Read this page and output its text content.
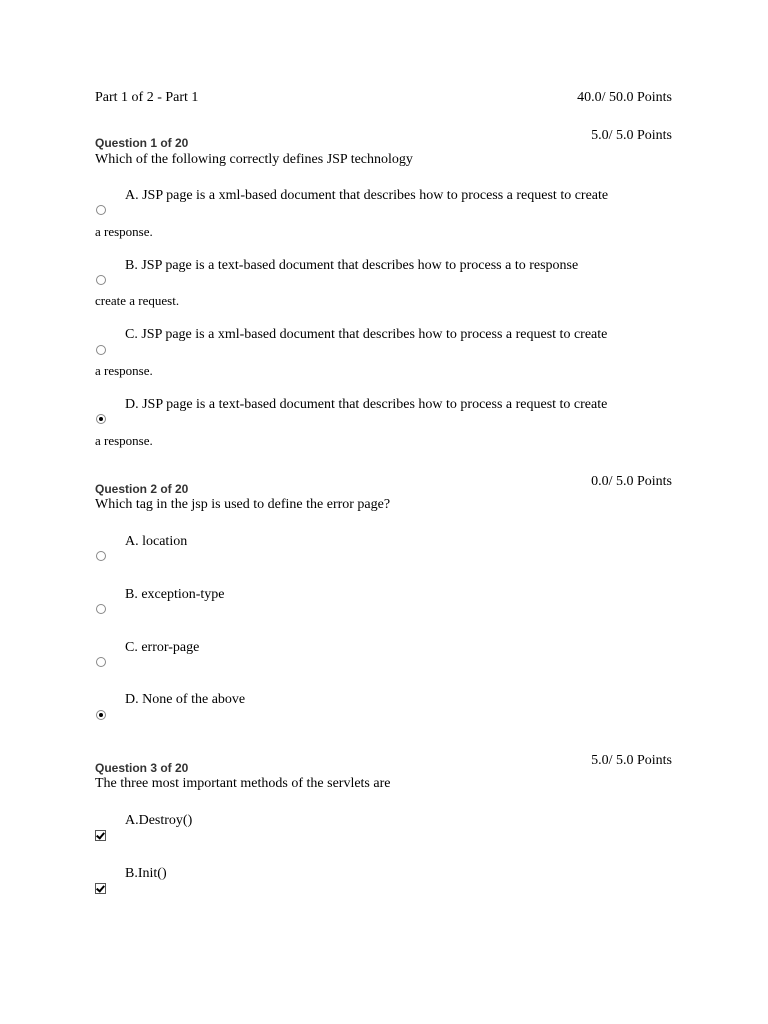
Part 1 of 2 - Part 1	40.0/ 50.0 Points
Question 1 of 20	5.0/ 5.0 Points
Which of the following correctly defines JSP technology
A. JSP page is a xml-based document that describes how to process a request to create
a response.
B. JSP page is a text-based document that describes how to process a to response
create a request.
C. JSP page is a xml-based document that describes how to process a request to create
a response.
D. JSP page is a text-based document that describes how to process a request to create
a response.
Question 2 of 20	0.0/ 5.0 Points
Which tag in the jsp is used to define the error page?
A. location
B. exception-type
C. error-page
D. None of the above
Question 3 of 20	5.0/ 5.0 Points
The three most important methods of the servlets are
A.Destroy()
B.Init()
